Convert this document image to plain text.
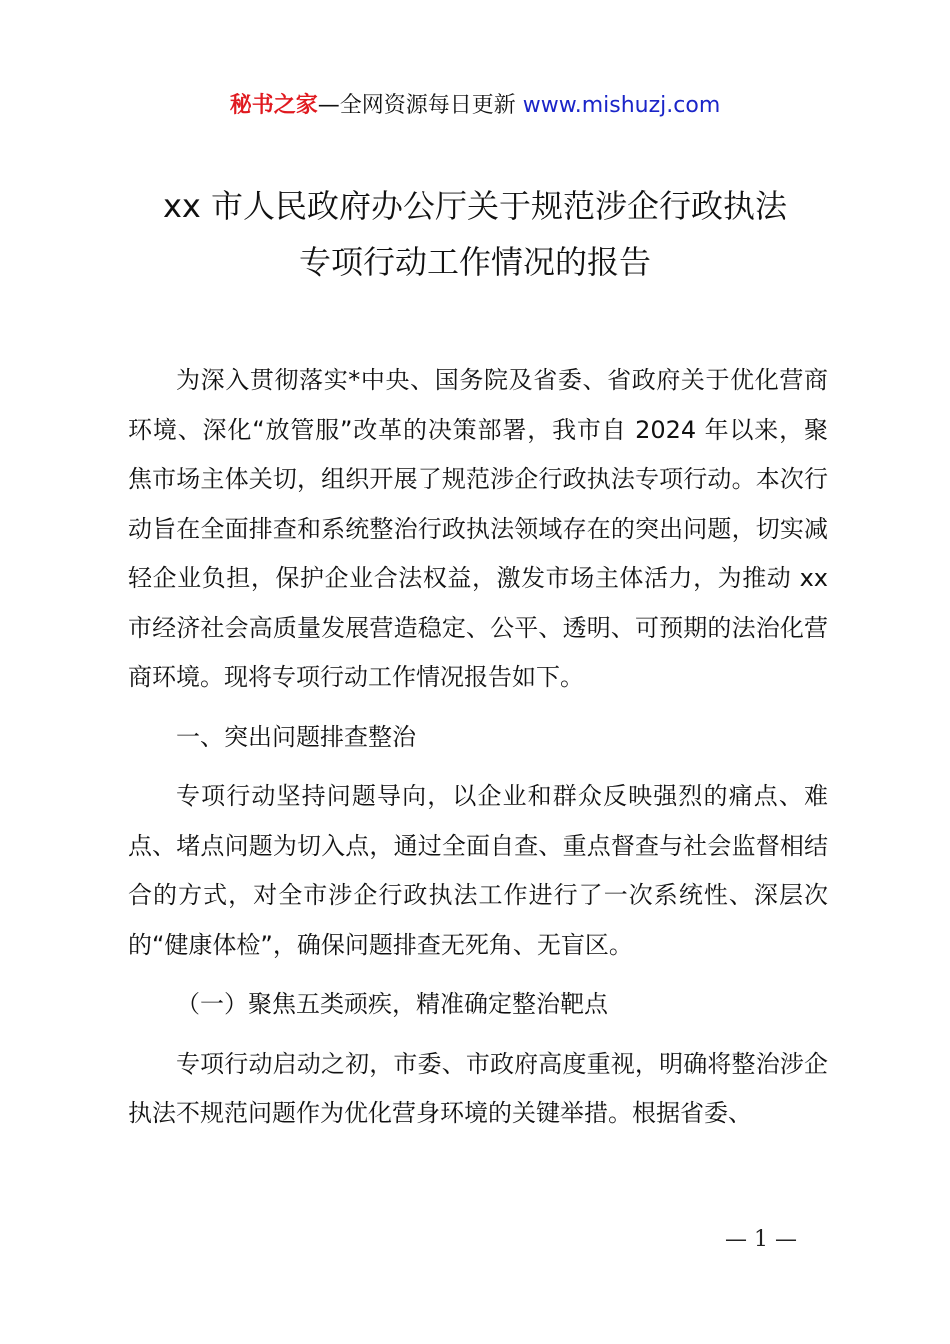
秘书之家—全网资源每日更新 www.mishuzj.com
xx 市人民政府办公厅关于规范涉企行政执法
专项行动工作情况的报告

为深入贯彻落实*中央、国务院及省委、省政府关于优化营商环境、深化“放管服”改革的决策部署，我市自 2024 年以来，聚焦市场主体关切，组织开展了规范涉企行政执法专项行动。本次行动旨在全面排查和系统整治行政执法领域存在的突出问题，切实减轻企业负担，保护企业合法权益，激发市场主体活力，为推动 xx 市经济社会高质量发展营造稳定、公平、透明、可预期的法治化营商环境。现将专项行动工作情况报告如下。

一、突出问题排查整治

专项行动坚持问题导向，以企业和群众反映强烈的痛点、难点、堵点问题为切入点，通过全面自查、重点督查与社会监督相结合的方式，对全市涉企行政执法工作进行了一次系统性、深层次的“健康体检”，确保问题排查无死角、无盲区。

（一）聚焦五类顽疾，精准确定整治靶点

专项行动启动之初，市委、市政府高度重视，明确将整治涉企执法不规范问题作为优化营身环境的关键举措。根据省委、

— 1 —
